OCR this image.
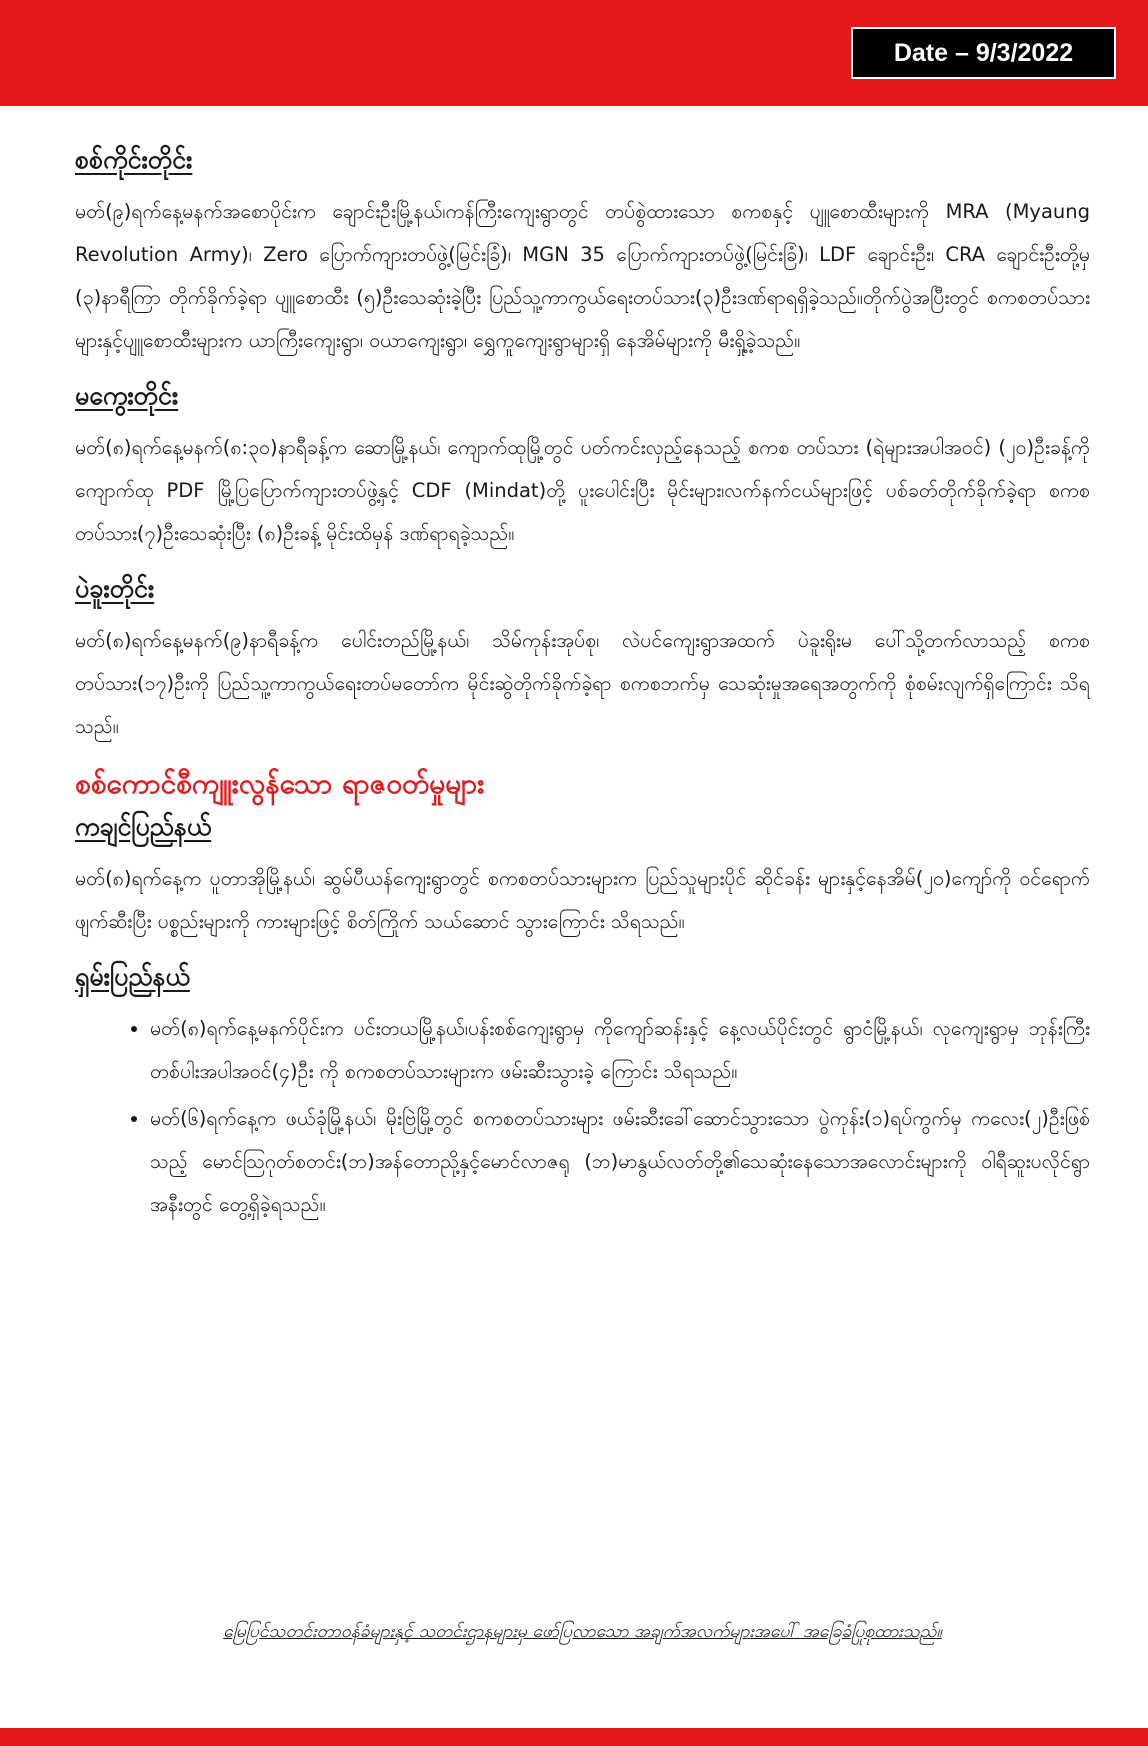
Date – 9/3/2022
စစ်ကိုင်းတိုင်း

မတ်(၉)ရက်နေ့မနက်အစောပိုင်းက ချောင်းဦးမြို့နယ်၊ကန်ကြီးကျေးရွာတွင် တပ်စွဲထားသော စကစနှင့် ပျူစောထီးများကို MRA (Myaung Revolution Army)၊ Zero ပြောက်ကျားတပ်ဖွဲ့(မြင်းခြံ)၊ MGN 35 ပြောက်ကျားတပ်ဖွဲ့(မြင်းခြံ)၊ LDF ချောင်းဦး၊ CRA ချောင်းဦးတို့မှ (၃)နာရီကြာ တိုက်ခိုက်ခဲ့ရာ ပျူစောထီး (၅)ဦးသေဆုံးခဲ့ပြီး ပြည်သူ့ကာကွယ်ရေးတပ်သား(၃)ဦးဒဏ်ရာရရှိခဲ့သည်။တိုက်ပွဲအပြီးတွင် စကစတပ်သား များနှင့်ပျူစောထီးများက ယာကြီးကျေးရွာ၊ ဝယာကျေးရွာ၊ ရွှေကူကျေးရွာများရှိ နေအိမ်များကို မီးရှို့ခဲ့သည်။

မကွေးတိုင်း

မတ်(၈)ရက်နေ့မနက်(၈:၃၀)နာရီခန့်က ဆောမြို့နယ်၊ ကျောက်ထုမြို့တွင် ပတ်ကင်းလှည့်နေသည့် စကစ တပ်သား (ရဲများအပါအဝင်) (၂၀)ဦးခန့်ကို ကျောက်ထု PDF မြို့ပြပြောက်ကျားတပ်ဖွဲ့နှင့် CDF (Mindat)တို့ ပူးပေါင်းပြီး မိုင်းများ၊လက်နက်ငယ်များဖြင့် ပစ်ခတ်တိုက်ခိုက်ခဲ့ရာ စကစတပ်သား(၇)ဦးသေဆုံးပြီး (၈)ဦးခန့် မိုင်းထိမှန် ဒဏ်ရာရခဲ့သည်။

ပဲခူးတိုင်း

မတ်(၈)ရက်နေ့မနက်(၉)နာရီခန့်က ပေါင်းတည်မြို့နယ်၊ သိမ်ကုန်းအုပ်စု၊ လဲပင်ကျေးရွာအထက် ပဲခူးရိုးမ ပေါ်သို့တက်လာသည့် စကစတပ်သား(၁၇)ဦးကို ပြည်သူ့ကာကွယ်ရေးတပ်မတော်က မိုင်းဆွဲတိုက်ခိုက်ခဲ့ရာ စကစဘက်မှ သေဆုံးမှုအရေအတွက်ကို စုံစမ်းလျက်ရှိကြောင်း သိရသည်။

စစ်ကောင်စီကျူးလွန်သော ရာဇဝတ်မှုများ
ကချင်ပြည်နယ်

မတ်(၈)ရက်နေ့က ပူတာအိုမြို့နယ်၊ ဆွမ်ပီယန်ကျေးရွာတွင် စကစတပ်သားများက ပြည်သူများပိုင် ဆိုင်ခန်း များနှင့်နေအိမ်(၂၀)ကျော်ကို ဝင်ရောက်ဖျက်ဆီးပြီး ပစ္စည်းများကို ကားများဖြင့် စိတ်ကြိုက် သယ်ဆောင် သွားကြောင်း သိရသည်။

ရှမ်းပြည်နယ်
• မတ်(၈)ရက်နေ့မနက်ပိုင်းက ပင်းတယမြို့နယ်၊ပန်းစစ်ကျေးရွာမှ ကိုကျော်ဆန်းနှင့် နေ့လယ်ပိုင်းတွင် ရွာငံမြို့နယ်၊ လုကျေးရွာမှ ဘုန်းကြီးတစ်ပါးအပါအဝင်(၄)ဦး ကို စကစတပ်သားများက ဖမ်းဆီးသွားခဲ့ ကြောင်း သိရသည်။
• မတ်(၆)ရက်နေ့က ဖယ်ခုံမြို့နယ်၊ မိုးဗြဲမြို့တွင် စကစတပ်သားများ ဖမ်းဆီးခေါ်ဆောင်သွားသော ပွဲကုန်း(၁)ရပ်ကွက်မှ ကလေး(၂)ဦးဖြစ်သည့် မောင်သြဂုတ်စတင်း(ဘ)အန်တောညို့နှင့်မောင်လာဇရု (ဘ)မာနွယ်လတ်တို့၏သေဆုံးနေသောအလောင်းများကို ဝါရီဆူးပလိုင်ရွာအနီးတွင် တွေ့ရှိခဲ့ရသည်။
မြေပြင်သတင်းတာဝန်ခံများနှင့် သတင်းဌာနများမှ ဖော်ပြလာသော အချက်အလက်များအပေါ် အခြေခံပြုစုထားသည်။
